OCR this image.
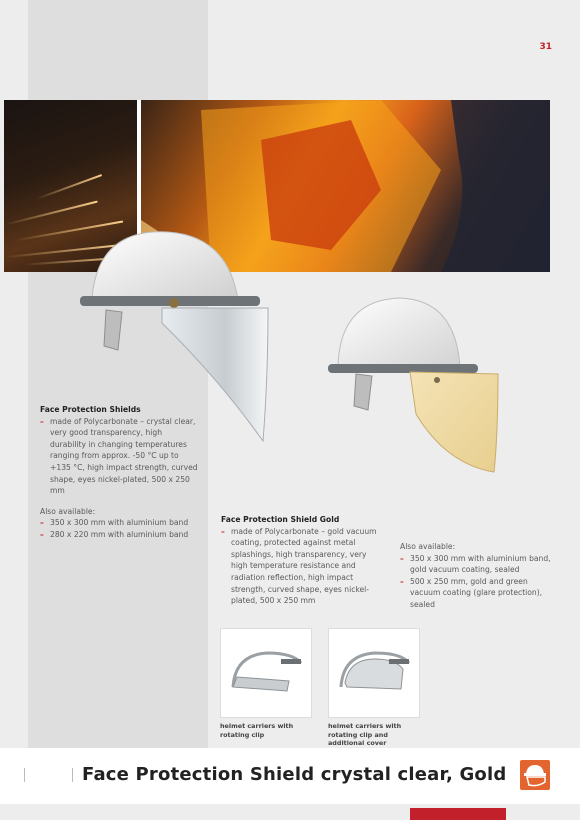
31
Face Protection Shields
– made of Polycarbonate – crystal clear, very good transparency, high durability in changing temperatures ranging from approx. -50 °C up to +135 °C, high impact strength, curved shape, eyes nickel-plated, 500 x 250 mm
Also available:
– 350 x 300 mm with aluminium band
– 280 x 220 mm with aluminium band
Face Protection Shield Gold
– made of Polycarbonate – gold vacuum coating, protected against metal splashings, high transparency, very high temperature resistance and radiation reflection, high impact strength, curved shape, eyes nickel-plated, 500 x 250 mm
Also available:
– 350 x 300 mm with aluminium band, gold vacuum coating, sealed
– 500 x 250 mm, gold and green vacuum coating (glare protection), sealed
helmet carriers with rotating clip
helmet carriers with rotating clip and additional cover
Face Protection Shield crystal clear, Gold
